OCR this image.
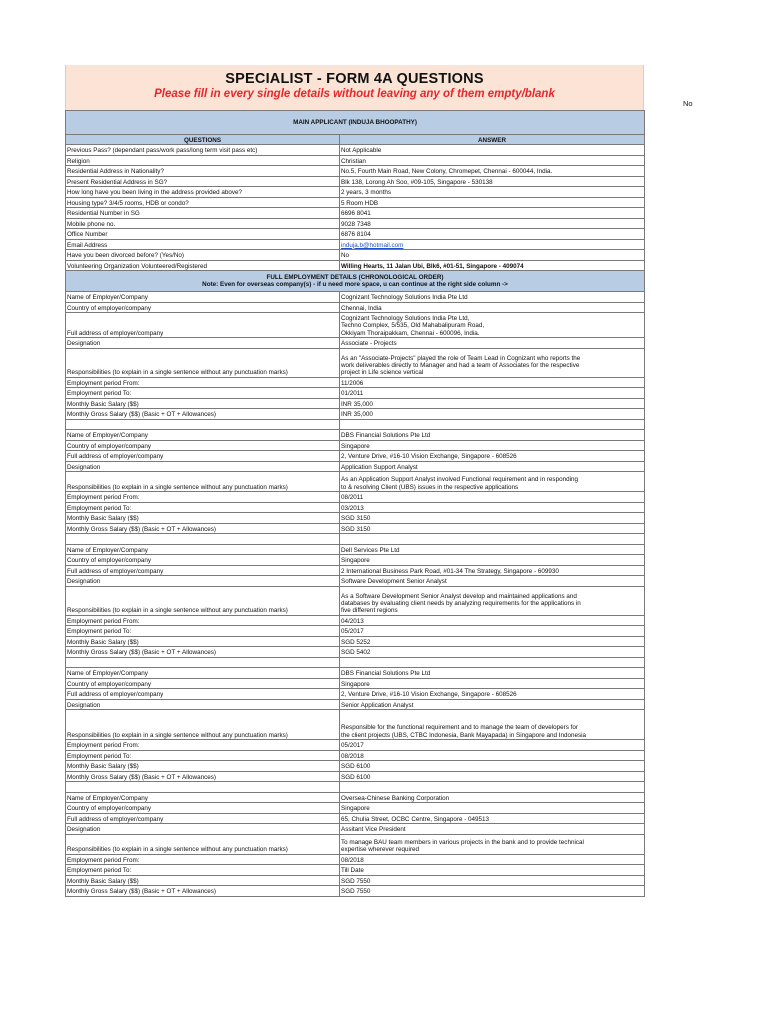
No
SPECIALIST - FORM 4A QUESTIONS
Please fill in every single details without leaving any of them empty/blank
MAIN APPLICANT (INDUJA BHOOPATHY)	
QUESTIONS	ANSWER
Previous Pass? (dependant pass/work pass/long term visit pass etc)	Not Applicable
Religion	Christian
Residential Address in Nationality?	No.5, Fourth Main Road, New Colony, Chromepet, Chennai - 600044, India.
Present Residential Address in SG?	Blk 138, Lorong Ah Soo, #09-105, Singapore - 530138
How long have you been living in the address provided above?	2 years, 3 months
Housing type? 3/4/5 rooms, HDB or condo?	5 Room HDB
Residential Number in SG	6696 8041
Mobile phone no.	9028 7348
Office Number	6876 8104
Email Address	induja.b@hotmail.com
Have you been divorced before? (Yes/No)	No
Volunteering Organization Volunteered/Registered	Willing Hearts, 11 Jalan Ubi, Blk6, #01-51, Singapore - 409074
FULL EMPLOYMENT DETAILS (CHRONOLOGICAL ORDER)
Note: Even for overseas company(s) - if u need more space, u can continue at the right side column ->	
Name of Employer/Company	Cognizant Technology Solutions India Pte Ltd
Country of employer/company	Chennai, India
Full address of employer/company	Cognizant Technology Solutions India Pte Ltd,
Techno Complex, 5/535, Old Mahabalipuram Road,
Okkiyam Thoraipakkam, Chennai - 600096, India.
Designation	Associate - Projects
Responsibilities (to explain in a single sentence without any punctuation marks)	As an "Associate-Projects" played the role of Team Lead in Cognizant who reports the
work deliverables directly to Manager and had a team of Associates for the respective
project in Life science vertical
Employment period From:	11/2006
Employment period To:	01/2011
Monthly Basic Salary ($$)	INR 35,000
Monthly Gross Salary ($$) (Basic + OT + Allowances)	INR 35,000

Name of Employer/Company	DBS Financial Solutions Pte Ltd
Country of employer/company	Singapore
Full address of employer/company	2, Venture Drive, #16-10 Vision Exchange, Singapore - 608526
Designation	Application Support Analyst
Responsibilities (to explain in a single sentence without any punctuation marks)	As an Application Support Analyst involved Functional requirement and in responding
to & resolving Client (UBS) issues in the respective applications
Employment period From:	08/2011
Employment period To:	03/2013
Monthly Basic Salary ($$)	SGD 3150
Monthly Gross Salary ($$) (Basic + OT + Allowances)	SGD 3150

Name of Employer/Company	Dell Services Pte Ltd
Country of employer/company	Singapore
Full address of employer/company	2 International Business Park Road, #01-34 The Strategy, Singapore - 609930
Designation	Software Development Senior Analyst
Responsibilities (to explain in a single sentence without any punctuation marks)	As a Software Development Senior Analyst develop and maintained applications and
databases by evaluating client needs by analyzing requirements for the applications in
five different regions
Employment period From:	04/2013
Employment period To:	05/2017
Monthly Basic Salary ($$)	SGD 5252
Monthly Gross Salary ($$) (Basic + OT + Allowances)	SGD 5402

Name of Employer/Company	DBS Financial Solutions Pte Ltd
Country of employer/company	Singapore
Full address of employer/company	2, Venture Drive, #16-10 Vision Exchange, Singapore - 608526
Designation	Senior Application Analyst
Responsibilities (to explain in a single sentence without any punctuation marks)	Responsible for the functional requirement and to manage the team of developers for
the client projects (UBS, CTBC Indonesia, Bank Mayapada) in Singapore and Indonesia
Employment period From:	05/2017
Employment period To:	08/2018
Monthly Basic Salary ($$)	SGD 6100
Monthly Gross Salary ($$) (Basic + OT + Allowances)	SGD 6100

Name of Employer/Company	Oversea-Chinese Banking Corporation
Country of employer/company	Singapore
Full address of employer/company	65, Chulia Street, OCBC Centre, Singapore - 049513
Designation	Assitant Vice President
Responsibilities (to explain in a single sentence without any punctuation marks)	To manage BAU team members in various projects in the bank and to provide technical
expertise wherever required
Employment period From:	08/2018
Employment period To:	Till Date
Monthly Basic Salary ($$)	SGD 7550
Monthly Gross Salary ($$) (Basic + OT + Allowances)	SGD 7550
